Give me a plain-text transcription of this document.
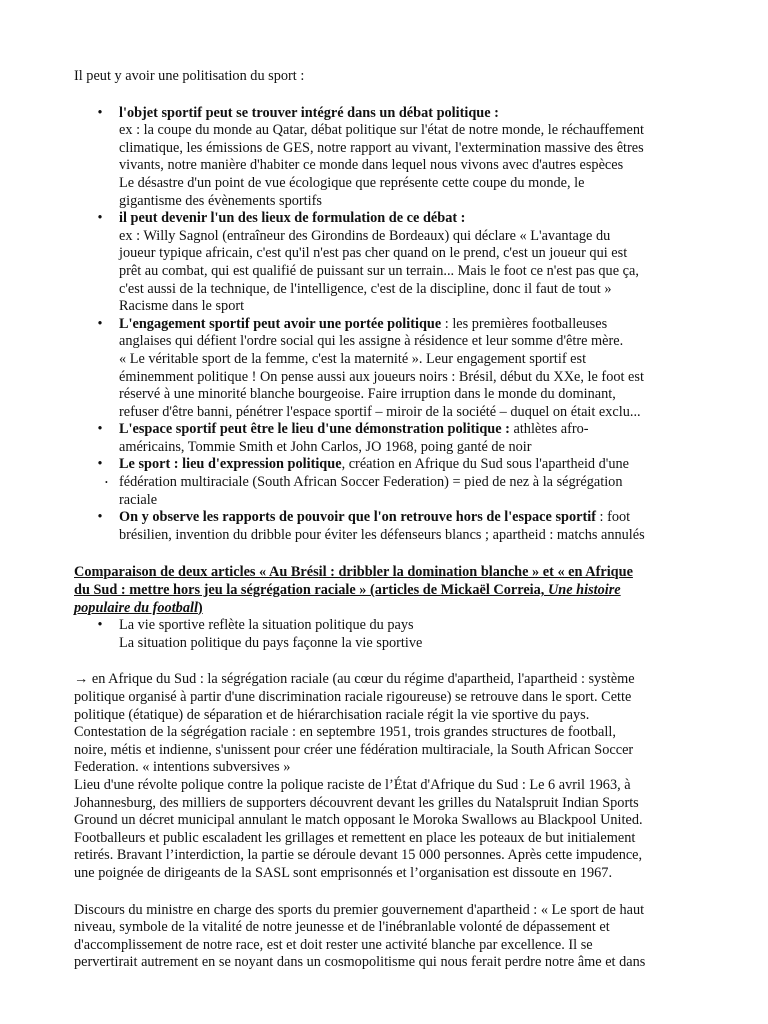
Il peut y avoir une politisation du sport :

• l'objet sportif peut se trouver intégré dans un débat politique :
ex : la coupe du monde au Qatar, débat politique sur l'état de notre monde, le réchauffement
climatique, les émissions de GES, notre rapport au vivant, l'extermination massive des êtres
vivants, notre manière d'habiter ce monde dans lequel nous vivons avec d'autres espèces
Le désastre d'un point de vue écologique que représente cette coupe du monde, le
gigantisme des évènements sportifs
• il peut devenir l'un des lieux de formulation de ce débat :
ex : Willy Sagnol (entraîneur des Girondins de Bordeaux) qui déclare « L'avantage du
joueur typique africain, c'est qu'il n'est pas cher quand on le prend, c'est un joueur qui est
prêt au combat, qui est qualifié de puissant sur un terrain... Mais le foot ce n'est pas que ça,
c'est aussi de la technique, de l'intelligence, c'est de la discipline, donc il faut de tout »
Racisme dans le sport
• L'engagement sportif peut avoir une portée politique : les premières footballeuses
anglaises qui défient l'ordre social qui les assigne à résidence et leur somme d'être mère.
« Le véritable sport de la femme, c'est la maternité ». Leur engagement sportif est
éminemment politique ! On pense aussi aux joueurs noirs : Brésil, début du XXe, le foot est
réservé à une minorité blanche bourgeoise. Faire irruption dans le monde du dominant,
refuser d'être banni, pénétrer l'espace sportif – miroir de la société – duquel on était exclu...
• L'espace sportif peut être le lieu d'une démonstration politique : athlètes afro-
américains, Tommie Smith et John Carlos, JO 1968, poing ganté de noir
• Le sport : lieu d'expression politique, création en Afrique du Sud sous l'apartheid d'une
fédération multiraciale (South African Soccer Federation) = pied de nez à la ségrégation
raciale
• On y observe les rapports de pouvoir que l'on retrouve hors de l'espace sportif : foot
brésilien, invention du dribble pour éviter les défenseurs blancs ; apartheid : matchs annulés

Comparaison de deux articles « Au Brésil : dribbler la domination blanche » et « en Afrique
du Sud : mettre hors jeu la ségrégation raciale » (articles de Mickaël Correia, Une histoire
populaire du football)

• La vie sportive reflète la situation politique du pays
La situation politique du pays façonne la vie sportive

→ en Afrique du Sud : la ségrégation raciale (au cœur du régime d'apartheid, l'apartheid : système
politique organisé à partir d'une discrimination raciale rigoureuse) se retrouve dans le sport. Cette
politique (étatique) de séparation et de hiérarchisation raciale régit la vie sportive du pays.
Contestation de la ségrégation raciale : en septembre 1951, trois grandes structures de football,
noire, métis et indienne, s'unissent pour créer une fédération multiraciale, la South African Soccer
Federation. « intentions subversives »
Lieu d'une révolte polique contre la polique raciste de l’État d'Afrique du Sud : Le 6 avril 1963, à
Johannesburg, des milliers de supporters découvrent devant les grilles du Natalspruit Indian Sports
Ground un décret municipal annulant le match opposant le Moroka Swallows au Blackpool United.
Footballeurs et public escaladent les grillages et remettent en place les poteaux de but initialement
retirés. Bravant l’interdiction, la partie se déroule devant 15 000 personnes. Après cette impudence,
une poignée de dirigeants de la SASL sont emprisonnés et l’organisation est dissoute en 1967.

Discours du ministre en charge des sports du premier gouvernement d'apartheid : « Le sport de haut
niveau, symbole de la vitalité de notre jeunesse et de l'inébranlable volonté de dépassement et
d'accomplissement de notre race, est et doit rester une activité blanche par excellence. Il se
pervertirait autrement en se noyant dans un cosmopolitisme qui nous ferait perdre notre âme et dans

•
